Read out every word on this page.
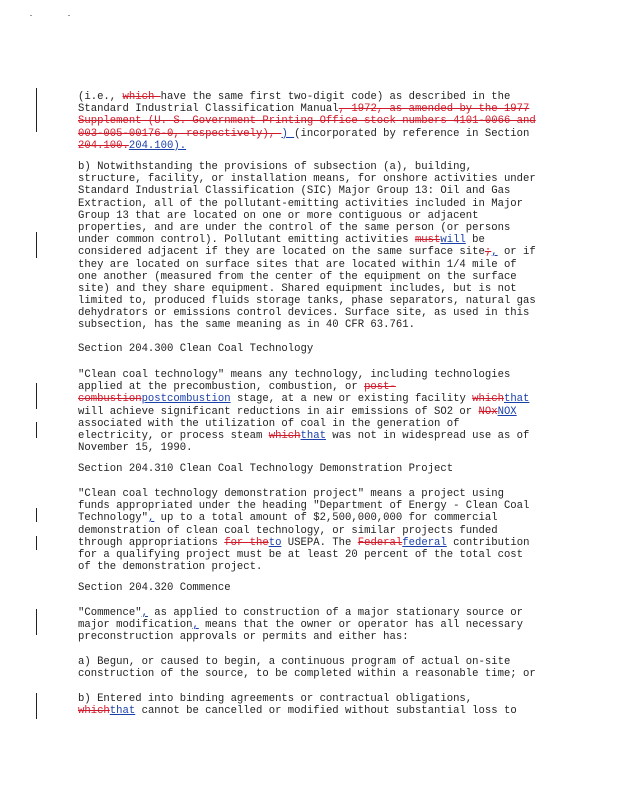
(i.e., which have the same first two-digit code) as described in the
Standard Industrial Classification Manual, 1972, as amended by the 1977
Supplement (U. S. Government Printing Office stock numbers 4101-0066 and
003-005-00176-0, respectively), ) (incorporated by reference in Section
204.100.204.100).
b) Notwithstanding the provisions of subsection (a), building,
structure, facility, or installation means, for onshore activities under
Standard Industrial Classification (SIC) Major Group 13: Oil and Gas
Extraction, all of the pollutant-emitting activities included in Major
Group 13 that are located on one or more contiguous or adjacent
properties, and are under the control of the same person (or persons
under common control). Pollutant emitting activities mustwill be
considered adjacent if they are located on the same surface site;, or if
they are located on surface sites that are located within 1/4 mile of
one another (measured from the center of the equipment on the surface
site) and they share equipment. Shared equipment includes, but is not
limited to, produced fluids storage tanks, phase separators, natural gas
dehydrators or emissions control devices. Surface site, as used in this
subsection, has the same meaning as in 40 CFR 63.761.
Section 204.300 Clean Coal Technology
"Clean coal technology" means any technology, including technologies
applied at the precombustion, combustion, or post-
combustionpostcombustion stage, at a new or existing facility whichthat
will achieve significant reductions in air emissions of SO2 or NOxNOX
associated with the utilization of coal in the generation of
electricity, or process steam whichthat was not in widespread use as of
November 15, 1990.
Section 204.310 Clean Coal Technology Demonstration Project
"Clean coal technology demonstration project" means a project using
funds appropriated under the heading "Department of Energy - Clean Coal
Technology", up to a total amount of $2,500,000,000 for commercial
demonstration of clean coal technology, or similar projects funded
through appropriations for theto USEPA. The Federalfederal contribution
for a qualifying project must be at least 20 percent of the total cost
of the demonstration project.
Section 204.320 Commence
"Commence", as applied to construction of a major stationary source or
major modification, means that the owner or operator has all necessary
preconstruction approvals or permits and either has:
a) Begun, or caused to begin, a continuous program of actual on-site
construction of the source, to be completed within a reasonable time; or
b) Entered into binding agreements or contractual obligations,
whichthat cannot be cancelled or modified without substantial loss to
